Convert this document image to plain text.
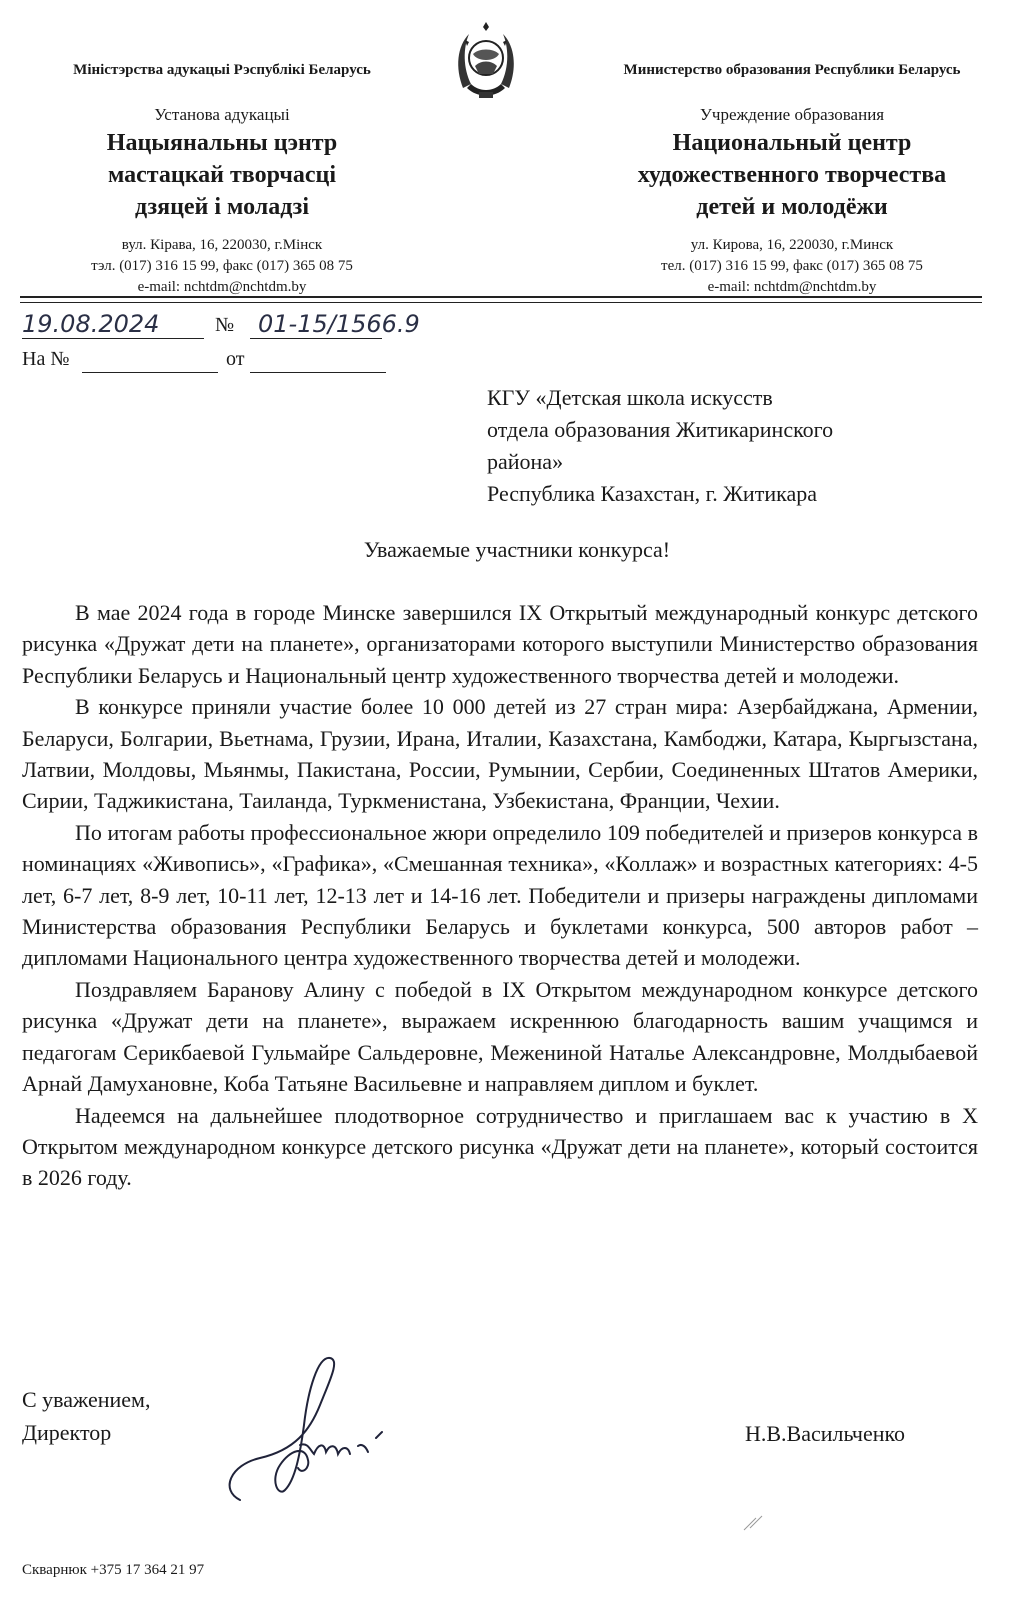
Міністэрства адукацыі Рэспублікі Беларусь
Установа адукацыі
Нацыянальны цэнтр
мастацкай творчасці
дзяцей і моладзі
вул. Кірава, 16, 220030, г.Мінск
тэл. (017) 316 15 99, факс (017) 365 08 75
e-mail: nchtdm@nchtdm.by
Министерство образования Республики Беларусь
Учреждение образования
Национальный центр
художественного творчества
детей и молодёжи
ул. Кирова, 16, 220030, г.Минск
тел. (017) 316 15 99, факс (017) 365 08 75
e-mail: nchtdm@nchtdm.by
19.08.2024	№ 01-15/1566.9
На №	от
КГУ «Детская школа искусств
отдела образования Житикаринского
района»
Республика Казахстан, г. Житикара
Уважаемые участники конкурса!

В мае 2024 года в городе Минске завершился IX Открытый международный конкурс детского рисунка «Дружат дети на планете», организаторами которого выступили Министерство образования Республики Беларусь и Национальный центр художественного творчества детей и молодежи.

В конкурсе приняли участие более 10 000 детей из 27 стран мира: Азербайджана, Армении, Беларуси, Болгарии, Вьетнама, Грузии, Ирана, Италии, Казахстана, Камбоджи, Катара, Кыргызстана, Латвии, Молдовы, Мьянмы, Пакистана, России, Румынии, Сербии, Соединенных Штатов Америки, Сирии, Таджикистана, Таиланда, Туркменистана, Узбекистана, Франции, Чехии.

По итогам работы профессиональное жюри определило 109 победителей и призеров конкурса в номинациях «Живопись», «Графика», «Смешанная техника», «Коллаж» и возрастных категориях: 4-5 лет, 6-7 лет, 8-9 лет, 10-11 лет, 12-13 лет и 14-16 лет. Победители и призеры награждены дипломами Министерства образования Республики Беларусь и буклетами конкурса, 500 авторов работ – дипломами Национального центра художественного творчества детей и молодежи.

Поздравляем Баранову Алину с победой в IX Открытом международном конкурсе детского рисунка «Дружат дети на планете», выражаем искреннюю благодарность вашим учащимся и педагогам Серикбаевой Гульмайре Сальдеровне, Межениной Наталье Александровне, Молдыбаевой Арнай Дамухановне, Коба Татьяне Васильевне и направляем диплом и буклет.

Надеемся на дальнейшее плодотворное сотрудничество и приглашаем вас к участию в X Открытом международном конкурсе детского рисунка «Дружат дети на планете», который состоится в 2026 году.

С уважением,
Директор	Н.В.Васильченко
Скварнюк +375 17 364 21 97
